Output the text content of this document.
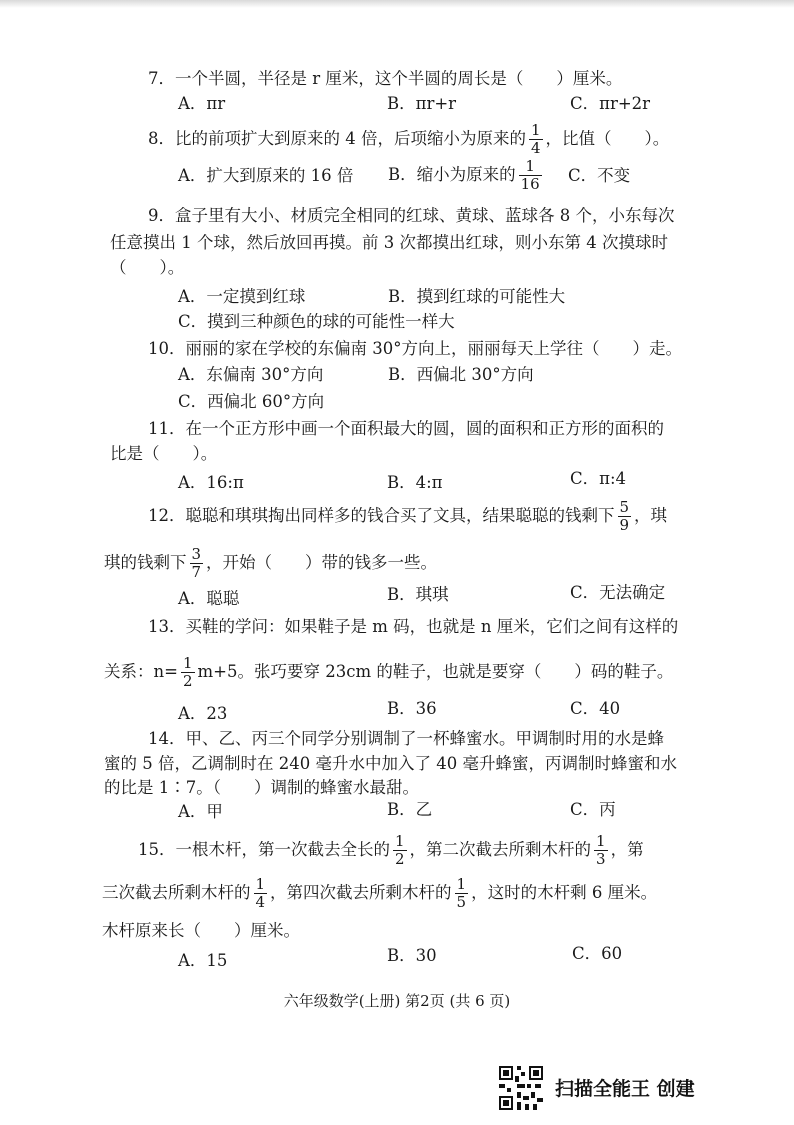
7．一个半圆，半径是 r 厘米，这个半圆的周长是（　　）厘米。
A．πr	B．πr+r	C．πr+2r
8．比的前项扩大到原来的 4 倍，后项缩小为原来的 $\frac{1}{4}$ ，比值（　　）。
A．扩大到原来的 16 倍 B．缩小为原来的 $\frac{1}{16}$ C．不变
9．盒子里有大小、材质完全相同的红球、黄球、蓝球各 8 个，小东每次
任意摸出 1 个球，然后放回再摸。前 3 次都摸出红球，则小东第 4 次摸球时
（　　）。
A．一定摸到红球	B．摸到红球的可能性大
C．摸到三种颜色的球的可能性一样大
10．丽丽的家在学校的东偏南 30°方向上，丽丽每天上学往（　　）走。
A．东偏南 30°方向	B．西偏北 30°方向
C．西偏北 60°方向
11．在一个正方形中画一个面积最大的圆，圆的面积和正方形的面积的
比是（　　）。
A．16:π	B．4:π	C．π:4
12．聪聪和琪琪掏出同样多的钱合买了文具，结果聪聪的钱剩下 $\frac{5}{9}$ ，琪
琪的钱剩下 $\frac{3}{7}$ ，开始（　　）带的钱多一些。
A．聪聪	B．琪琪	C．无法确定
13．买鞋的学问：如果鞋子是 m 码，也就是 n 厘米，它们之间有这样的
关系：$n= \frac{1}{2} m+5$。张巧要穿 23cm 的鞋子，也就是要穿（　　）码的鞋子。
A．23	B．36	C．40
14．甲、乙、丙三个同学分别调制了一杯蜂蜜水。甲调制时用的水是蜂
蜜的 5 倍，乙调制时在 240 毫升水中加入了 40 毫升蜂蜜，丙调制时蜂蜜和水
的比是 1∶7。（　　）调制的蜂蜜水最甜。
A．甲	B．乙	C．丙
15．一根木杆，第一次截去全长的 $\frac{1}{2}$ ，第二次截去所剩木杆的 $\frac{1}{3}$ ，第
三次截去所剩木杆的 $\frac{1}{4}$ ，第四次截去所剩木杆的 $\frac{1}{5}$ ，这时的木杆剩 6 厘米。
木杆原来长（　　）厘米。
A．15	B．30	C．60
六年级数学(上册) 第2页 (共 6 页)
扫描全能王 创建
